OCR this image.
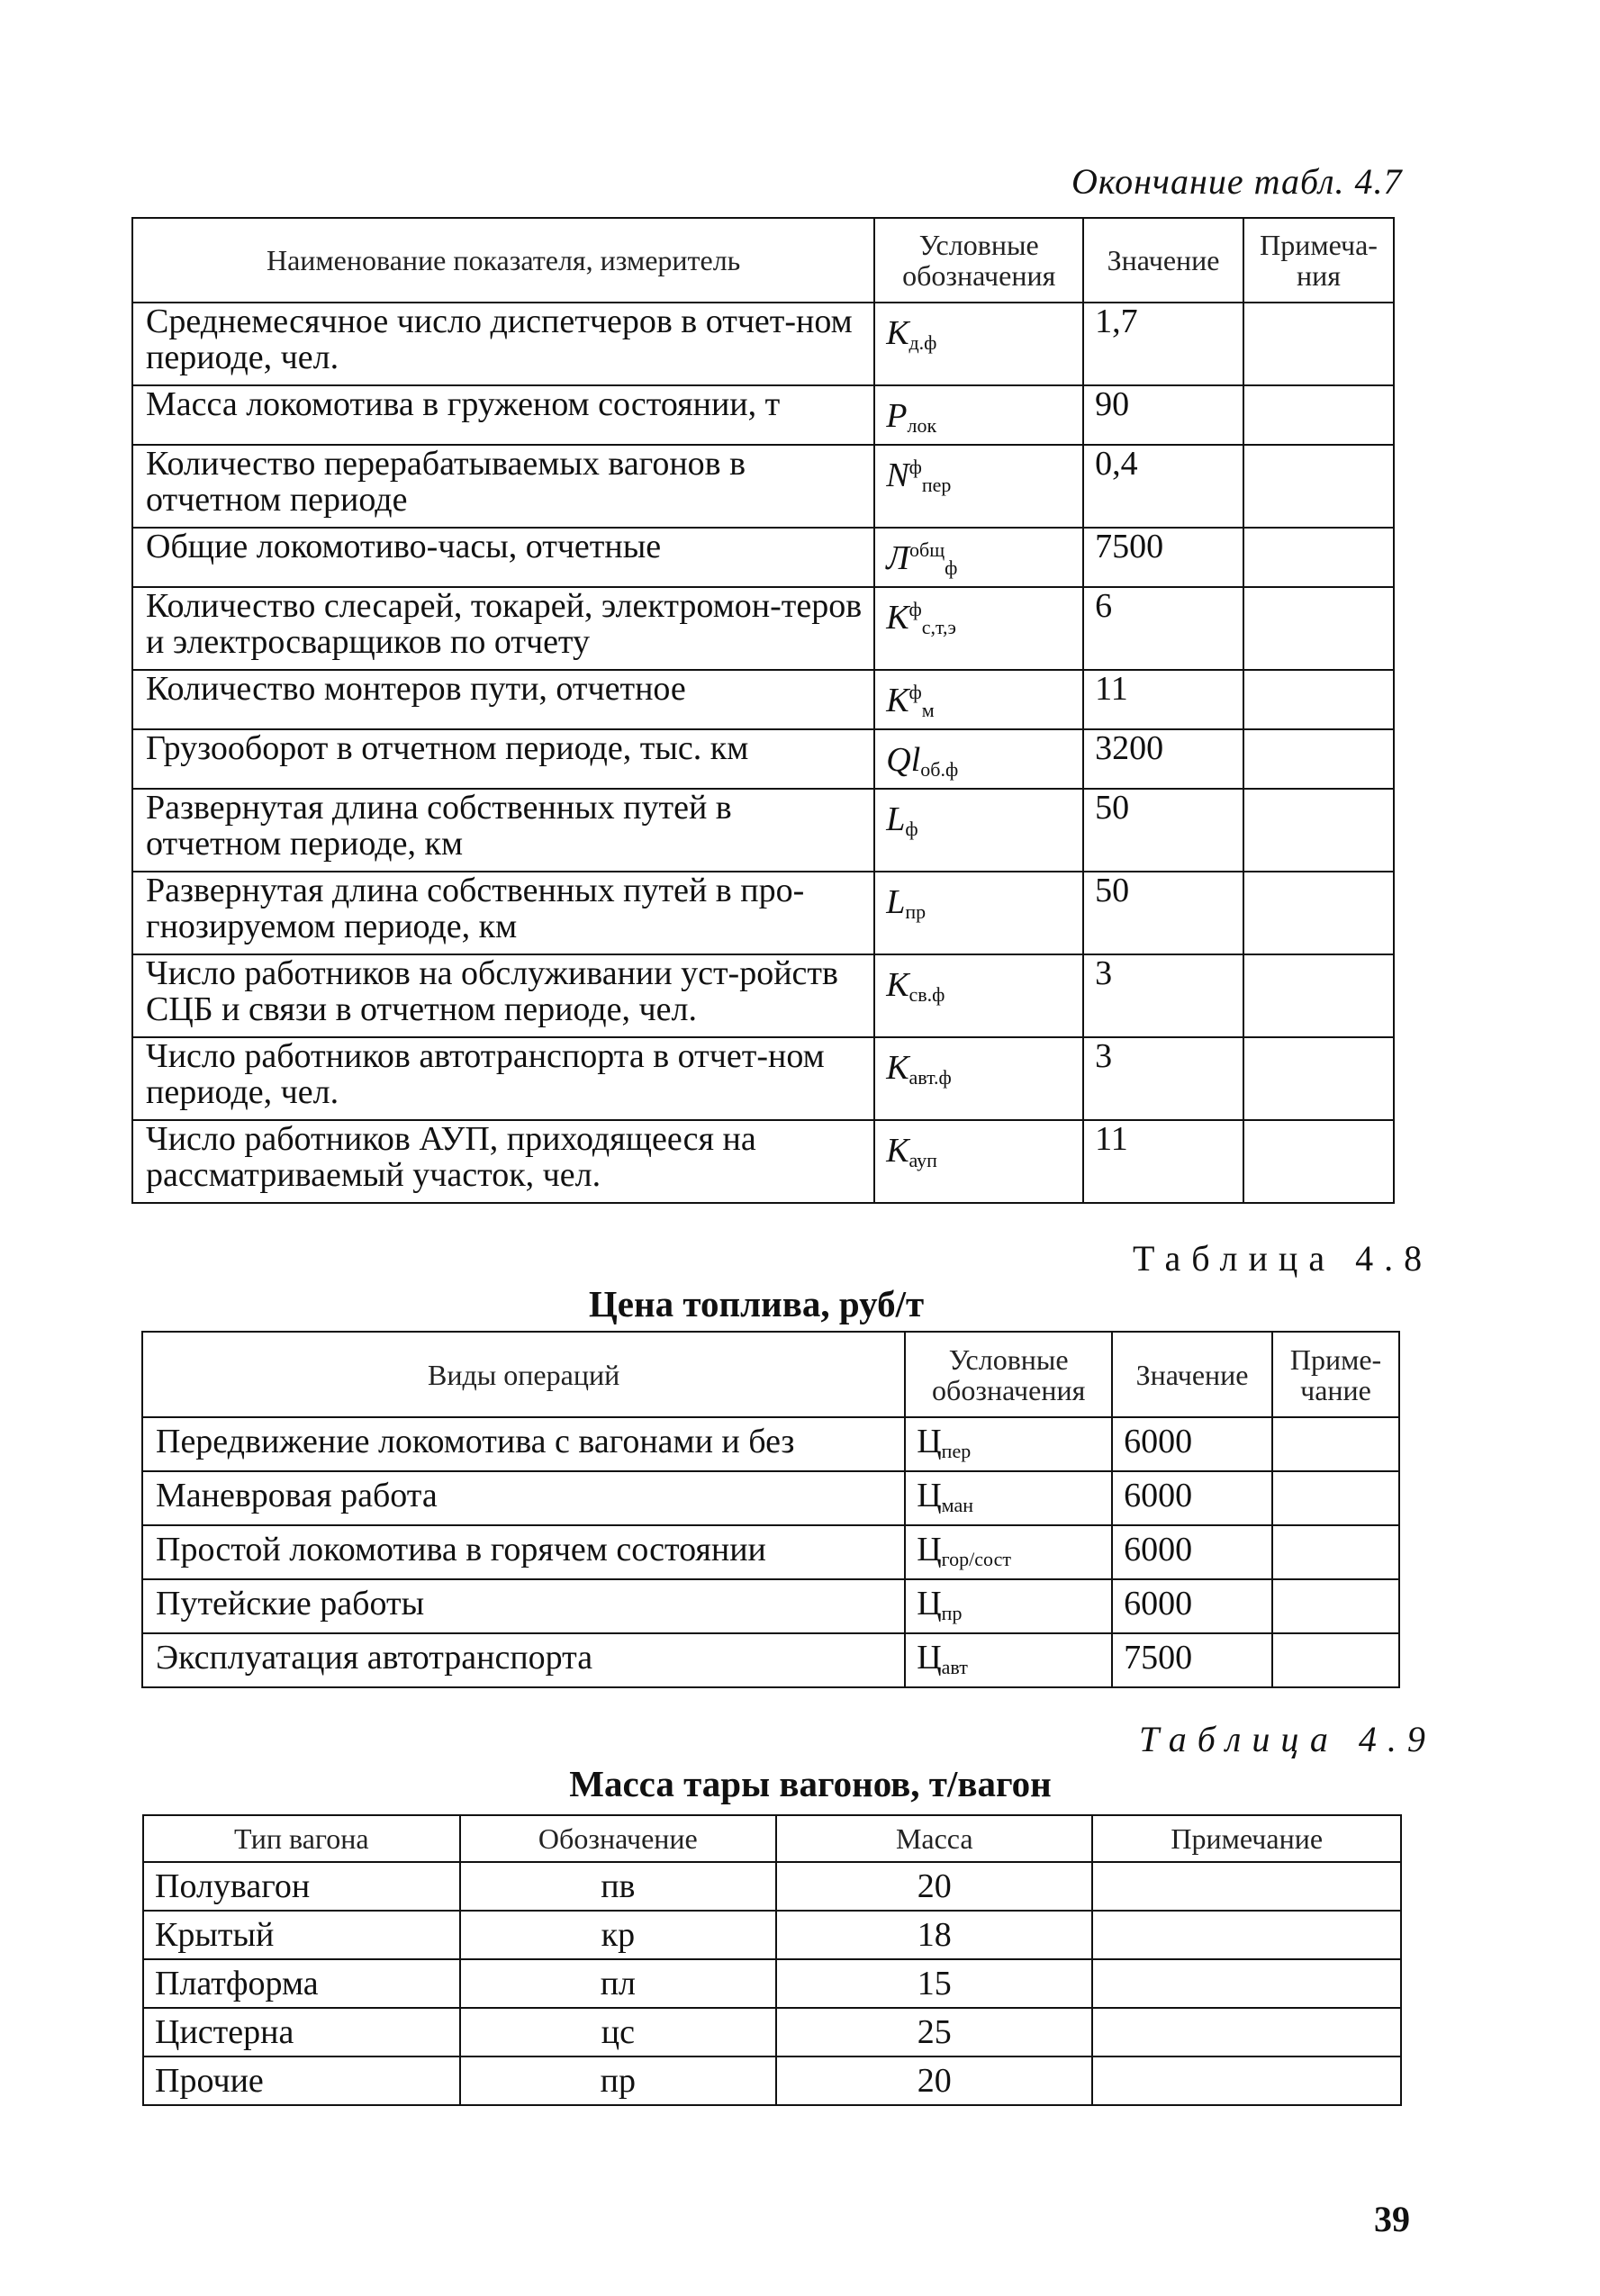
Окончание табл. 4.7
Наименование показателя, измеритель	Условные обозначения	Значение	Примеча-ния
Среднемесячное число диспетчеров в отчет-ном периоде, чел.	$К_{д.ф}$	1,7	
Масса локомотива в груженом состоянии, т	$Р_{лок}$	90	
Количество перерабатываемых вагонов в отчетном периоде	$N^ф_{пер}$	0,4	
Общие локомотиво-часы, отчетные	$Л^{общ}_ф$	7500	
Количество слесарей, токарей, электромон-теров и электросварщиков по отчету	$К^ф_{с,т,э}$	6	
Количество монтеров пути, отчетное	$К^ф_м$	11	
Грузооборот в отчетном периоде, тыс. км	$Ql_{об.ф}$	3200	
Развернутая длина собственных путей в отчетном периоде, км	$L_ф$	50	
Развернутая длина собственных путей в про-гнозируемом периоде, км	$L_{пр}$	50	
Число работников на обслуживании уст-ройств СЦБ и связи в отчетном периоде, чел.	$К_{св.ф}$	3	
Число работников автотранспорта в отчет-ном периоде, чел.	$К_{авт.ф}$	3	
Число работников АУП, приходящееся на рассматриваемый участок, чел.	$К_{ауп}$	11	
Таблица 4.8
Цена топлива, руб/т
Виды операций	Условные обозначения	Значение	Приме-чание
Передвижение локомотива с вагонами и без	$Ц_{пер}$	6000	
Маневровая работа	$Ц_{ман}$	6000	
Простой локомотива в горячем состоянии	$Ц_{гор/сост}$	6000	
Путейские работы	$Ц_{пр}$	6000	
Эксплуатация автотранспорта	$Ц_{авт}$	7500	
Таблица 4.9
Масса тары вагонов, т/вагон
Тип вагона	Обозначение	Масса	Примечание
Полувагон	пв	20	
Крытый	кр	18	
Платформа	пл	15	
Цистерна	цс	25	
Прочие	пр	20	
39
